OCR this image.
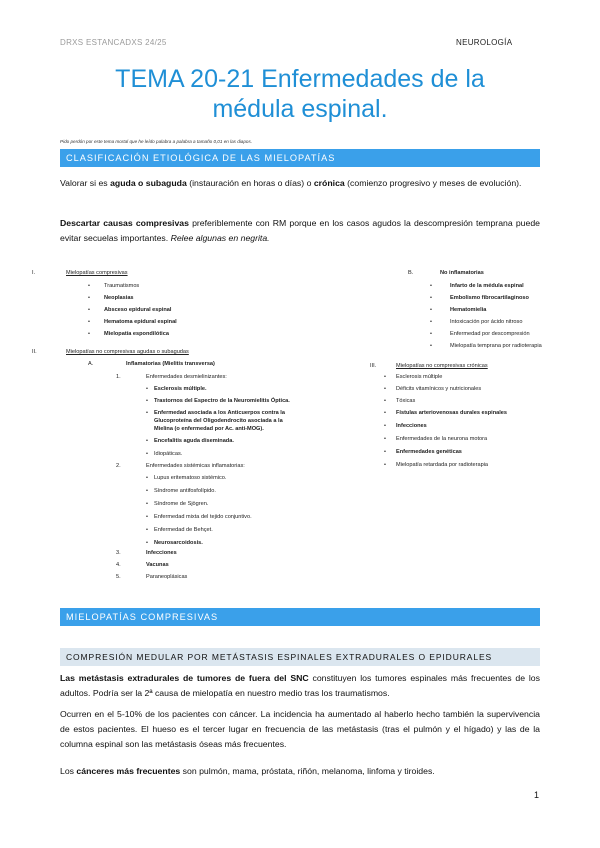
DRXS ESTANCADXS 24/25	NEUROLOGÍA
TEMA 20-21 Enfermedades de la
médula espinal.
Pido perdón por este tema mortal que he leído palabra a palabra a tamaño 0,01 en las diapos.
CLASIFICACIÓN ETIOLÓGICA DE LAS MIELOPATÍAS
Valorar si es aguda o subaguda (instauración en horas o días) o crónica (comienzo progresivo y meses de evolución).
Descartar causas compresivas preferiblemente con RM porque en los casos agudos la descompresión temprana puede evitar secuelas importantes. Relee algunas en negrita.
I.	Mielopatías compresivas
•	Traumatismos
•	Neoplasias
•	Absceso epidural espinal
•	Hematoma epidural espinal
•	Mielopatía espondilótica
II.	Mielopatías no compresivas agudas o subagudas
A.	Inflamatorias (Mielitis transversa)
1.	Enfermedades desmielinizantes:
• Esclerosis múltiple.
• Trastornos del Espectro de la Neuromielitis Óptica.
• Enfermedad asociada a los Anticuerpos contra la
Glucoproteína del Oligodendrocito asociada a la
Mielina (o enfermedad por Ac. anti-MOG).
• Encefalitis aguda diseminada.
• Idiopáticas.
2.	Enfermedades sistémicas inflamatorias:
• Lupus eritematoso sistémico.
• Síndrome antifosfolípido.
• Síndrome de Sjögren.
• Enfermedad mixta del tejido conjuntivo.
• Enfermedad de Behçet.
• Neurosarcoidosis.
3.	Infecciones
4.	Vacunas
5.	Paraneoplásicas
B.	No inflamatorias
•	Infarto de la médula espinal
•	Embolismo fibrocartilaginoso
•	Hematomielia
•	Intoxicación por ácido nitroso
•	Enfermedad por descompresión
•	Mielopatía temprana por radioterapia
III.	Mielopatías no compresivas crónicas
• Esclerosis múltiple
• Déficits vitamínicos y nutricionales
• Tóxicas
• Fístulas arteriovenosas durales espinales
• Infecciones
• Enfermedades de la neurona motora
• Enfermedades genéticas
• Mielopatía retardada por radioterapia
MIELOPATÍAS COMPRESIVAS
COMPRESIÓN MEDULAR POR METÁSTASIS ESPINALES EXTRADURALES O EPIDURALES
Las metástasis extradurales de tumores de fuera del SNC constituyen los tumores espinales más frecuentes de los adultos. Podría ser la 2ª causa de mielopatía en nuestro medio tras los traumatismos.
Ocurren en el 5-10% de los pacientes con cáncer. La incidencia ha aumentado al haberlo hecho también la supervivencia de estos pacientes. El hueso es el tercer lugar en frecuencia de las metástasis (tras el pulmón y el hígado) y las de la columna espinal son las metástasis óseas más frecuentes.
Los cánceres más frecuentes son pulmón, mama, próstata, riñón, melanoma, linfoma y tiroides.
1
